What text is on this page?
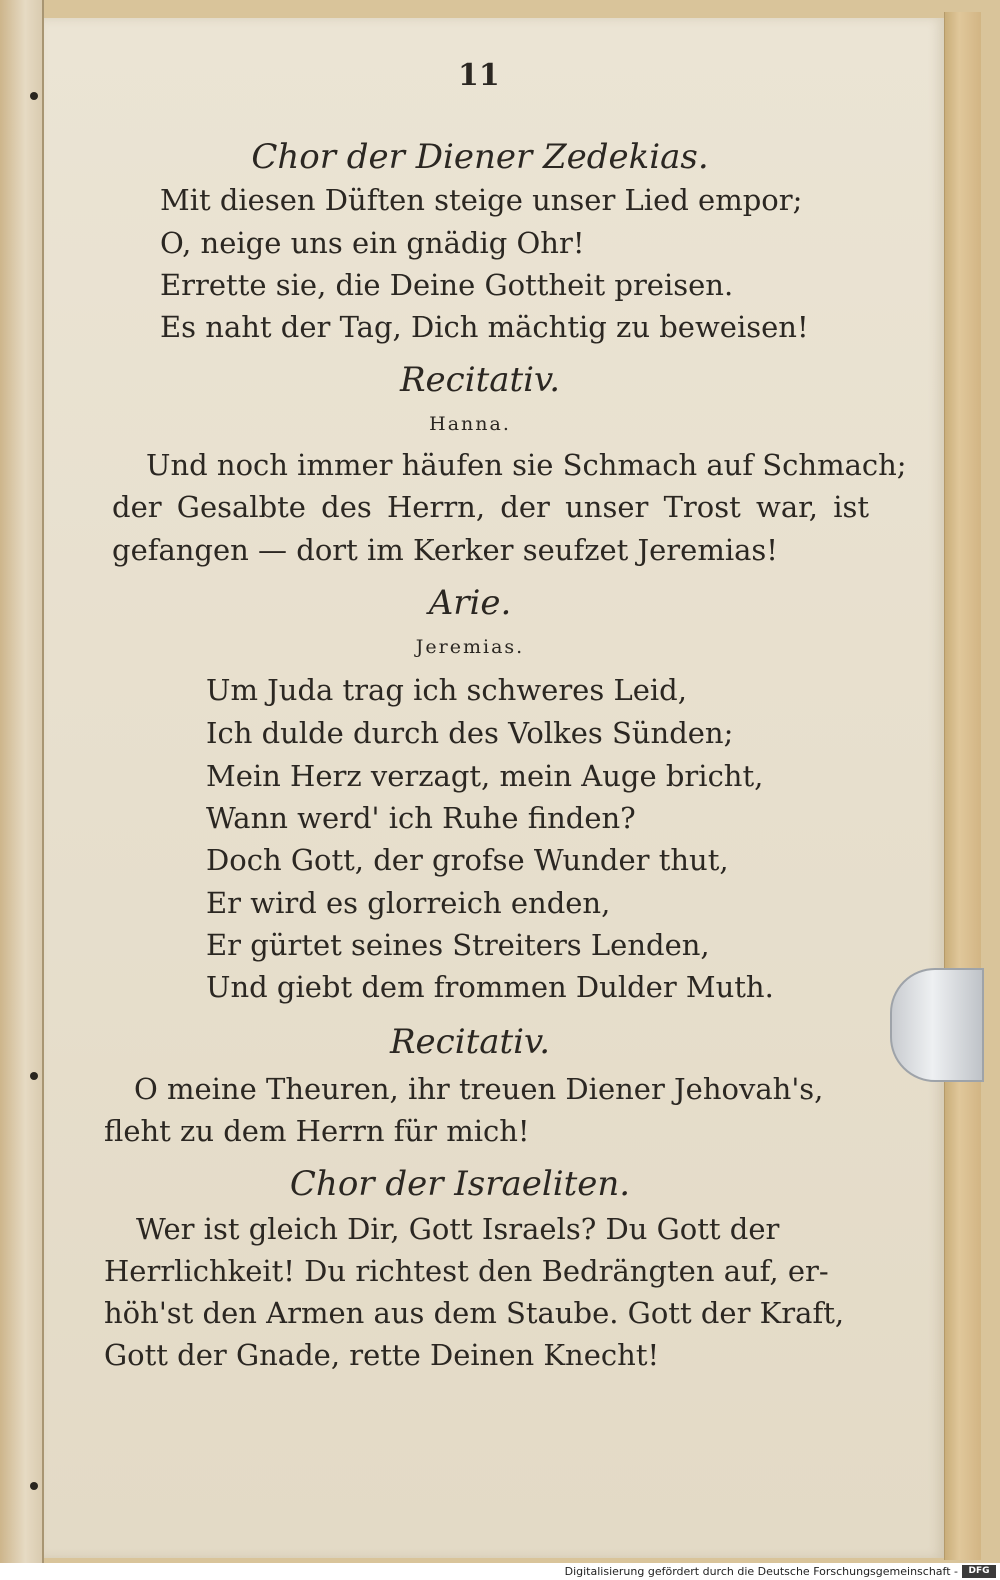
11
Chor der Diener Zedekias.
Mit diesen Düften steige unser Lied empor;
O, neige uns ein gnädig Ohr!
Errette sie, die Deine Gottheit preisen.
Es naht der Tag, Dich mächtig zu beweisen!
Recitativ.
Hanna.
Und noch immer häufen sie Schmach auf Schmach;
der Gesalbte des Herrn, der unser Trost war, ist
gefangen — dort im Kerker seufzet Jeremias!
Arie.
Jeremias.
Um Juda trag ich schweres Leid,
Ich dulde durch des Volkes Sünden;
Mein Herz verzagt, mein Auge bricht,
Wann werd' ich Ruhe finden?
Doch Gott, der grofse Wunder thut,
Er wird es glorreich enden,
Er gürtet seines Streiters Lenden,
Und giebt dem frommen Dulder Muth.
Recitativ.
O meine Theuren, ihr treuen Diener Jehovah's,
fleht zu dem Herrn für mich!
Chor der Israeliten.
Wer ist gleich Dir, Gott Israels? Du Gott der
Herrlichkeit! Du richtest den Bedrängten auf, er-
höh'st den Armen aus dem Staube. Gott der Kraft,
Gott der Gnade, rette Deinen Knecht!
Digitalisierung gefördert durch die Deutsche Forschungsgemeinschaft -	DFG
